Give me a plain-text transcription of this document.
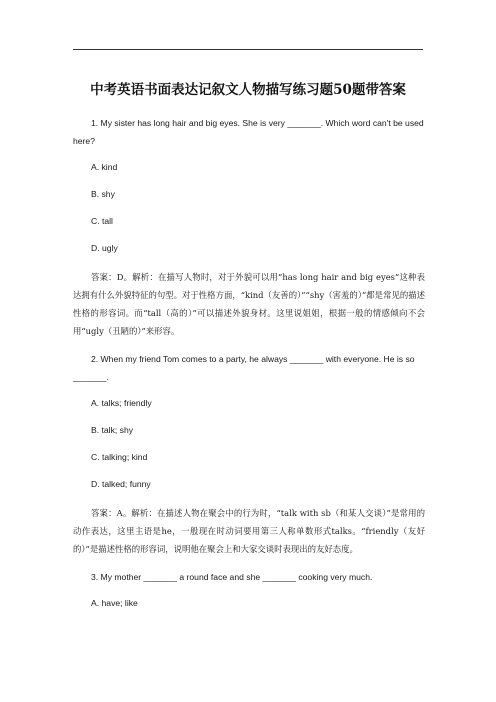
中考英语书面表达记叙文人物描写练习题50题带答案
1. My sister has long hair and big eyes. She is very _______. Which word can't be used here?
A. kind
B. shy
C. tall
D. ugly
答案：D。解析：在描写人物时，对于外貌可以用“has long hair and big eyes”这种表达拥有什么外貌特征的句型。对于性格方面，“kind（友善的）”“shy（害羞的）”都是常见的描述性格的形容词。而“tall（高的）”可以描述外貌身材。这里说姐姐，根据一般的情感倾向不会用“ugly（丑陋的）”来形容。
2. When my friend Tom comes to a party, he always _______ with everyone. He is so _______.
A. talks; friendly
B. talk; shy
C. talking; kind
D. talked; funny
答案：A。解析：在描述人物在聚会中的行为时，“talk with sb（和某人交谈）”是常用的动作表达，这里主语是he，一般现在时动词要用第三人称单数形式talks。“friendly（友好的）”是描述性格的形容词，说明他在聚会上和大家交谈时表现出的友好态度。
3. My mother _______ a round face and she _______ cooking very much.
A. have; like
